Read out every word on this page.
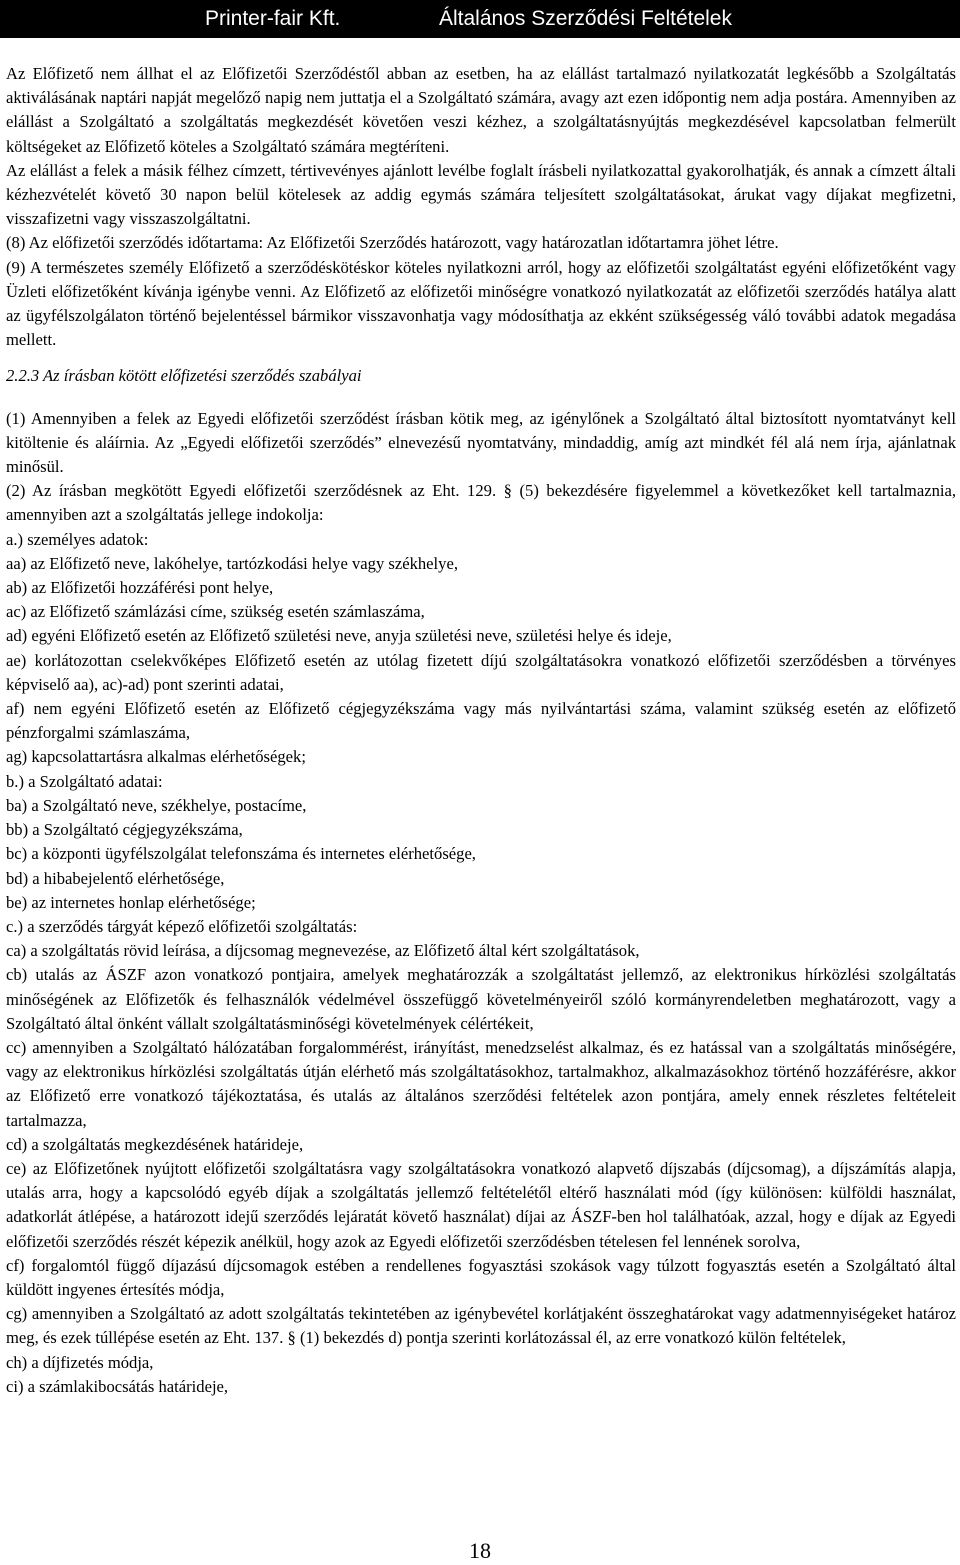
Printer-fair Kft.	Általános Szerződési Feltételek

Az Előfizető nem állhat el az Előfizetői Szerződéstől abban az esetben, ha az elállást tartalmazó nyilatkozatát legkésőbb a Szolgáltatás aktiválásának naptári napját megelőző napig nem juttatja el a Szolgáltató számára, avagy azt ezen időpontig nem adja postára. Amennyiben az elállást a Szolgáltató a szolgáltatás megkezdését követően veszi kézhez, a szolgáltatásnyújtás megkezdésével kapcsolatban felmerült költségeket az Előfizető köteles a Szolgáltató számára megtéríteni.

Az elállást a felek a másik félhez címzett, tértivevényes ajánlott levélbe foglalt írásbeli nyilatkozattal gyakorolhatják, és annak a címzett általi kézhezvételét követő 30 napon belül kötelesek az addig egymás számára teljesített szolgáltatásokat, árukat vagy díjakat megfizetni, visszafizetni vagy visszaszolgáltatni.

(8) Az előfizetői szerződés időtartama: Az Előfizetői Szerződés határozott, vagy határozatlan időtartamra jöhet létre.

(9) A természetes személy Előfizető a szerződéskötéskor köteles nyilatkozni arról, hogy az előfizetői szolgáltatást egyéni előfizetőként vagy Üzleti előfizetőként kívánja igénybe venni. Az Előfizető az előfizetői minőségre vonatkozó nyilatkozatát az előfizetői szerződés hatálya alatt az ügyfélszolgálaton történő bejelentéssel bármikor visszavonhatja vagy módosíthatja az ekként szükségesség váló további adatok megadása mellett.

2.2.3 Az írásban kötött előfizetési szerződés szabályai

(1) Amennyiben a felek az Egyedi előfizetői szerződést írásban kötik meg, az igénylőnek a Szolgáltató által biztosított nyomtatványt kell kitöltenie és aláírnia. Az „Egyedi előfizetői szerződés” elnevezésű nyomtatvány, mindaddig, amíg azt mindkét fél alá nem írja, ajánlatnak minősül.

(2) Az írásban megkötött Egyedi előfizetői szerződésnek az Eht. 129. § (5) bekezdésére figyelemmel a következőket kell tartalmaznia, amennyiben azt a szolgáltatás jellege indokolja:

a.) személyes adatok:

aa) az Előfizető neve, lakóhelye, tartózkodási helye vagy székhelye,

ab) az Előfizetői hozzáférési pont helye,

ac) az Előfizető számlázási címe, szükség esetén számlaszáma,

ad) egyéni Előfizető esetén az Előfizető születési neve, anyja születési neve, születési helye és ideje,

ae) korlátozottan cselekvőképes Előfizető esetén az utólag fizetett díjú szolgáltatásokra vonatkozó előfizetői szerződésben a törvényes képviselő aa), ac)-ad) pont szerinti adatai,

af) nem egyéni Előfizető esetén az Előfizető cégjegyzékszáma vagy más nyilvántartási száma, valamint szükség esetén az előfizető pénzforgalmi számlaszáma,

ag) kapcsolattartásra alkalmas elérhetőségek;

b.) a Szolgáltató adatai:

ba) a Szolgáltató neve, székhelye, postacíme,

bb) a Szolgáltató cégjegyzékszáma,

bc) a központi ügyfélszolgálat telefonszáma és internetes elérhetősége,

bd) a hibabejelentő elérhetősége,

be) az internetes honlap elérhetősége;

c.) a szerződés tárgyát képező előfizetői szolgáltatás:

ca) a szolgáltatás rövid leírása, a díjcsomag megnevezése, az Előfizető által kért szolgáltatások,

cb) utalás az ÁSZF azon vonatkozó pontjaira, amelyek meghatározzák a szolgáltatást jellemző, az elektronikus hírközlési szolgáltatás minőségének az Előfizetők és felhasználók védelmével összefüggő követelményeiről szóló kormányrendeletben meghatározott, vagy a Szolgáltató által önként vállalt szolgáltatásminőségi követelmények célértékeit,

cc) amennyiben a Szolgáltató hálózatában forgalommérést, irányítást, menedzselést alkalmaz, és ez hatással van a szolgáltatás minőségére, vagy az elektronikus hírközlési szolgáltatás útján elérhető más szolgáltatásokhoz, tartalmakhoz, alkalmazásokhoz történő hozzáférésre, akkor az Előfizető erre vonatkozó tájékoztatása, és utalás az általános szerződési feltételek azon pontjára, amely ennek részletes feltételeit tartalmazza,

cd) a szolgáltatás megkezdésének határideje,

ce) az Előfizetőnek nyújtott előfizetői szolgáltatásra vagy szolgáltatásokra vonatkozó alapvető díjszabás (díjcsomag), a díjszámítás alapja, utalás arra, hogy a kapcsolódó egyéb díjak a szolgáltatás jellemző feltételétől eltérő használati mód (így különösen: külföldi használat, adatkorlát átlépése, a határozott idejű szerződés lejáratát követő használat) díjai az ÁSZF-ben hol találhatóak, azzal, hogy e díjak az Egyedi előfizetői szerződés részét képezik anélkül, hogy azok az Egyedi előfizetői szerződésben tételesen fel lennének sorolva,

cf) forgalomtól függő díjazású díjcsomagok estében a rendellenes fogyasztási szokások vagy túlzott fogyasztás esetén a Szolgáltató által küldött ingyenes értesítés módja,

cg) amennyiben a Szolgáltató az adott szolgáltatás tekintetében az igénybevétel korlátjaként összeghatárokat vagy adatmennyiségeket határoz meg, és ezek túllépése esetén az Eht. 137. § (1) bekezdés d) pontja szerinti korlátozással él, az erre vonatkozó külön feltételek,

ch) a díjfizetés módja,

ci) a számlakibocsátás határideje,

18
